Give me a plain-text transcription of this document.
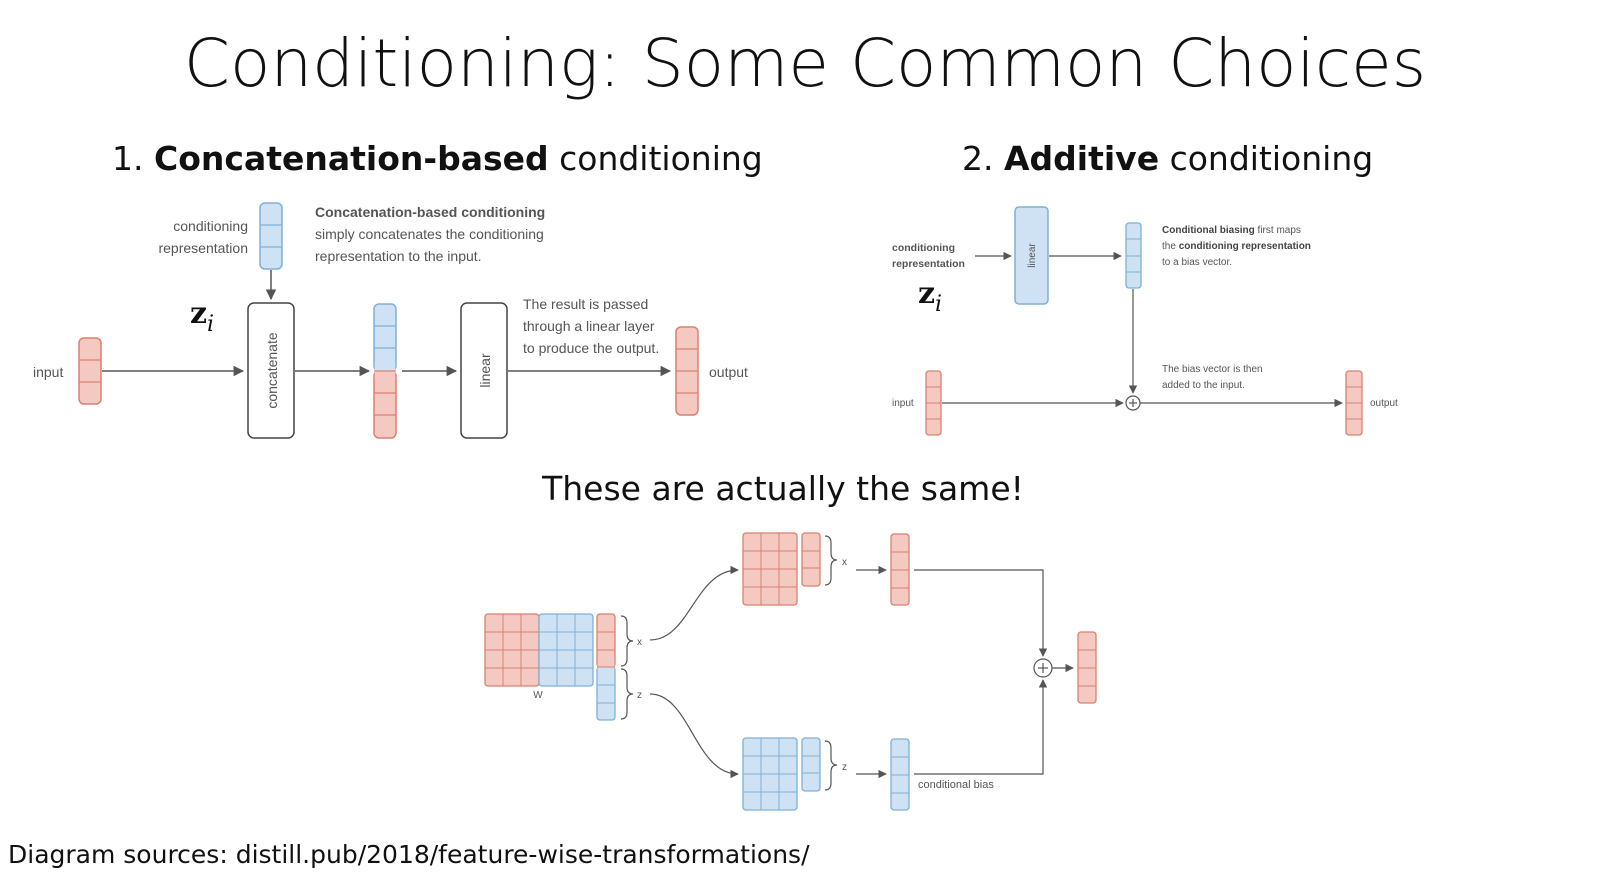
Conditioning: Some Common Choices
1. Concatenation-based conditioning	2. Additive conditioning
conditioning
representation
Concatenation-based conditioning
simply concatenates the conditioning
representation to the input.
$z_i$
input	concatenate	linear
The result is passed
through a linear layer
to produce the output.
output
conditioning
representation	linear
Conditional biasing first maps
the conditioning representation
to a bias vector.
$z_i$
The bias vector is then
added to the input.
input	output
These are actually the same!
W
x
z
x
z
conditional bias
Diagram sources: distill.pub/2018/feature-wise-transformations/
